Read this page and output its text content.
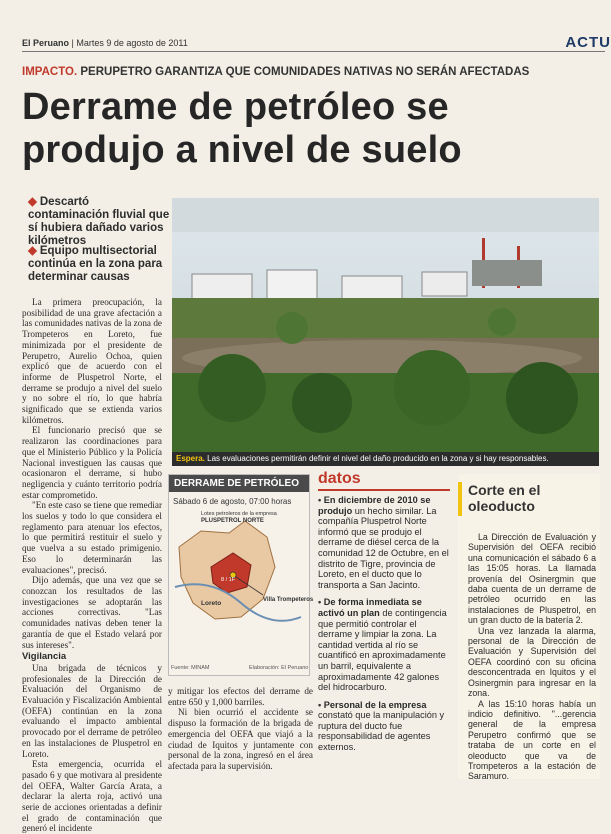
El Peruano | Martes 9 de agosto de 2011	ACTU
IMPACTO. PERUPETRO GARANTIZA QUE COMUNIDADES NATIVAS NO SERÁN AFECTADAS
Derrame de petróleo se produjo a nivel de suelo
◆ Descartó contaminación fluvial que sí hubiera dañado varios kilómetros
◆ Equipo multisectorial continúa en la zona para determinar causas

La primera preocupación, la posibilidad de una grave afectación a las comunidades nativas de la zona de Trompeteros en Loreto, fue minimizada por el presidente de Perupetro, Aurelio Ochoa, quien explicó que de acuerdo con el informe de Pluspetrol Norte, el derrame se produjo a nivel del suelo y no sobre el río, lo que habría significado que se extienda varios kilómetros.

El funcionario precisó que se realizaron las coordinaciones para que el Ministerio Público y la Policía Nacional investiguen las causas que ocasionaron el derrame, si hubo negligencia y cuánto territorio podría estar comprometido.

"En este caso se tiene que remediar los suelos y todo lo que considera el reglamento para atenuar los efectos, lo que permitirá restituir el suelo y que vuelva a su estado primigenio. Eso lo determinarán las evaluaciones", precisó.

Dijo además, que una vez que se conozcan los resultados de las investigaciones se adoptarán las acciones correctivas. "Las comunidades nativas deben tener la garantía de que el Estado velará por sus intereses".

Vigilancia

Una brigada de técnicos y profesionales de la Dirección de Evaluación del Organismo de Evaluación y Fiscalización Ambiental (OEFA) continúan en la zona evaluando el impacto ambiental provocado por el derrame de petróleo en las instalaciones de Pluspetrol en Loreto.

Esta emergencia, ocurrida el pasado 6 y que motivara al presidente del OEFA, Walter García Arata, a declarar la alerta roja, activó una serie de acciones orientadas a definir el grado de contaminación que generó el incidente

Espera. Las evaluaciones permitirán definir el nivel del daño producido en la zona y si hay responsables.
DERRAME DE PETRÓLEO
Sábado 6 de agosto, 07:00 horas
Lotes petroleros de la empresa
PLUSPETROL NORTE
Loreto	Villa Trompeteros
8 / 1F
Fuente: MINAM	Elaboración: El Peruano

y mitigar los efectos del derrame de entre 650 y 1,000 barriles.

Ni bien ocurrió el accidente se dispuso la formación de la brigada de emergencia del OEFA que viajó a la ciudad de Iquitos y juntamente con personal de la zona, ingresó en el área afectada para la supervisión.

datos
• En diciembre de 2010 se produjo un hecho similar. La compañía Pluspetrol Norte informó que se produjo el derrame de diésel cerca de la comunidad 12 de Octubre, en el distrito de Tigre, provincia de Loreto, en el ducto que lo transporta a San Jacinto.
• De forma inmediata se activó un plan de contingencia que permitió controlar el derrame y limpiar la zona. La cantidad vertida al río se cuantificó en aproximadamente un barril, equivalente a aproximadamente 42 galones del hidrocarburo.
• Personal de la empresa constató que la manipulación y ruptura del ducto fue responsabilidad de agentes externos.
Corte en el oleoducto

La Dirección de Evaluación y Supervisión del OEFA recibió una comunicación el sábado 6 a las 15:05 horas. La llamada provenía del Osinergmin que daba cuenta de un derrame de petróleo ocurrido en las instalaciones de Pluspetrol, en un gran ducto de la batería 2.

Una vez lanzada la alarma, personal de la Dirección de Evaluación y Supervisión del OEFA coordinó con su oficina desconcentrada en Iquitos y el Osinergmin para ingresar en la zona.

A las 15:10 horas había un indicio definitivo. "...gerencia general de la empresa Perupetro confirmó que se trataba de un corte en el oleoducto que va de Trompeteros a la estación de Saramuro.
